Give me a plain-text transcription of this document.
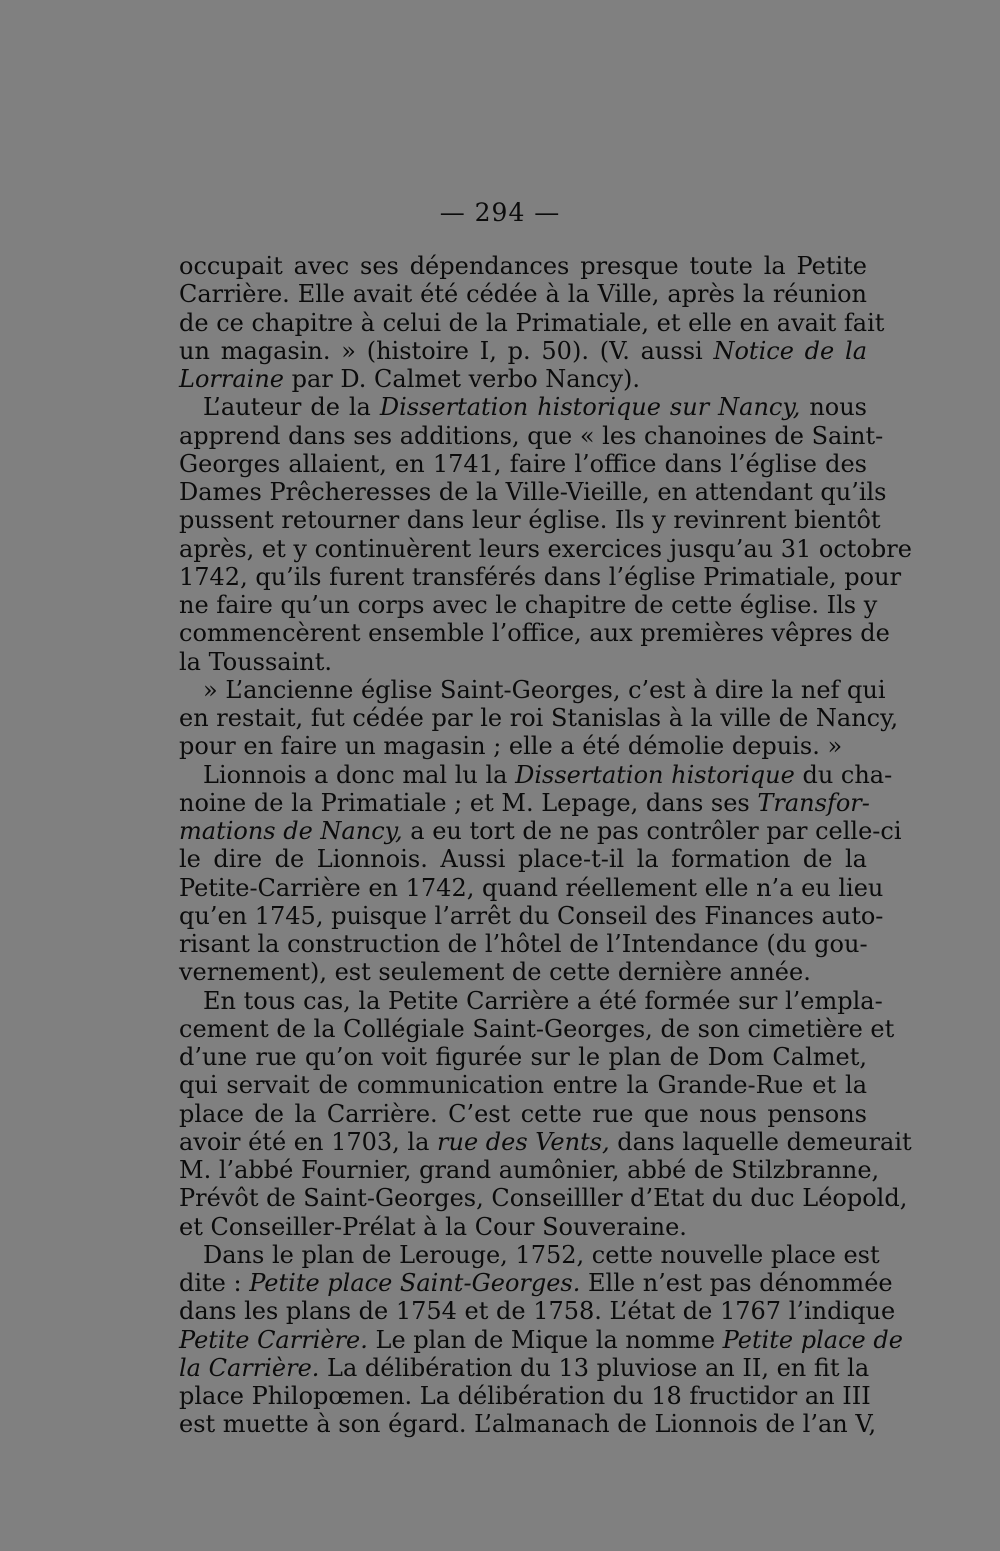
— 294 —
occupait avec ses dépendances presque toute la Petite
Carrière. Elle avait été cédée à la Ville, après la réunion
de ce chapitre à celui de la Primatiale, et elle en avait fait
un magasin. » (histoire I, p. 50). (V. aussi Notice de la
Lorraine par D. Calmet verbo Nancy).
L’auteur de la Dissertation historique sur Nancy, nous
apprend dans ses additions, que « les chanoines de Saint-
Georges allaient, en 1741, faire l’office dans l’église des
Dames Prêcheresses de la Ville-Vieille, en attendant qu’ils
pussent retourner dans leur église. Ils y revinrent bientôt
après, et y continuèrent leurs exercices jusqu’au 31 octobre
1742, qu’ils furent transférés dans l’église Primatiale, pour
ne faire qu’un corps avec le chapitre de cette église. Ils y
commencèrent ensemble l’office, aux premières vêpres de
la Toussaint.
» L’ancienne église Saint-Georges, c’est à dire la nef qui
en restait, fut cédée par le roi Stanislas à la ville de Nancy,
pour en faire un magasin ; elle a été démolie depuis. »
Lionnois a donc mal lu la Dissertation historique du cha-
noine de la Primatiale ; et M. Lepage, dans ses Transfor-
mations de Nancy, a eu tort de ne pas contrôler par celle-ci
le dire de Lionnois. Aussi place-t-il la formation de la
Petite-Carrière en 1742, quand réellement elle n’a eu lieu
qu’en 1745, puisque l’arrêt du Conseil des Finances auto-
risant la construction de l’hôtel de l’Intendance (du gou-
vernement), est seulement de cette dernière année.
En tous cas, la Petite Carrière a été formée sur l’empla-
cement de la Collégiale Saint-Georges, de son cimetière et
d’une rue qu’on voit figurée sur le plan de Dom Calmet,
qui servait de communication entre la Grande-Rue et la
place de la Carrière. C’est cette rue que nous pensons
avoir été en 1703, la rue des Vents, dans laquelle demeurait
M. l’abbé Fournier, grand aumônier, abbé de Stilzbranne,
Prévôt de Saint-Georges, Conseilller d’Etat du duc Léopold,
et Conseiller-Prélat à la Cour Souveraine.
Dans le plan de Lerouge, 1752, cette nouvelle place est
dite : Petite place Saint-Georges. Elle n’est pas dénommée
dans les plans de 1754 et de 1758. L’état de 1767 l’indique
Petite Carrière. Le plan de Mique la nomme Petite place de
la Carrière. La délibération du 13 pluviose an II, en fit la
place Philopœmen. La délibération du 18 fructidor an III
est muette à son égard. L’almanach de Lionnois de l’an V,
